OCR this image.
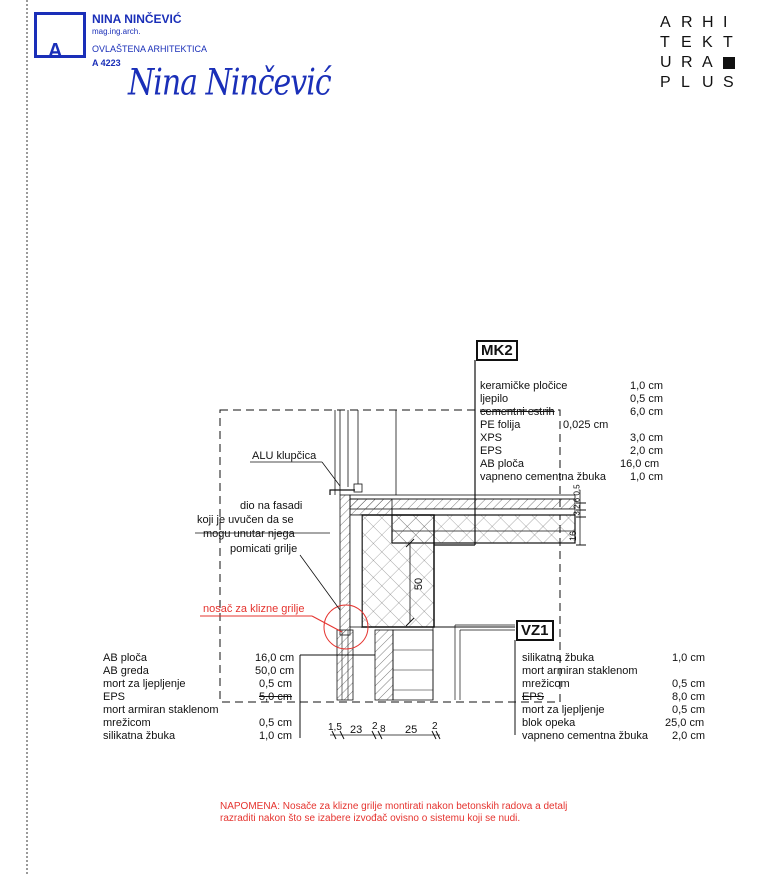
A
NINA NINČEVIĆ
mag.ing.arch.
OVLAŠTENA ARHITEKTICA
A 4223 Nina Ninčević
A R H I
T E K T
U R A
P L U S
MK2
VZ1
ALU klupčica
dio na fasadi
koji je uvučen da se
mogu unutar njega
pomicati grilje
nosač za klizne grilje
50
16
3 2 6 0,5
keramičke pločice	1,0 cm
ljepilo	0,5 cm
cementni estrih	6,0 cm
PE folija	0,025 cm
XPS	3,0 cm
EPS	2,0 cm
AB ploča	16,0 cm
vapneno cementna žbuka 1,0 cm
AB ploča	16,0 cm
AB greda	50,0 cm
mort za ljepljenje	0,5 cm
EPS	5,0 cm
mort armiran staklenom
mrežicom	0,5 cm
silikatna žbuka	1,0 cm
silikatna žbuka	1,0 cm
mort armiran staklenom
mrežicom	0,5 cm
EPS	8,0 cm
mort za ljepljenje	0,5 cm
blok opeka	25,0 cm
vapneno cementna žbuka 2,0 cm
1,5 23 2 8 25 2
NAPOMENA: Nosače za klizne grilje montirati nakon betonskih radova a detalj razraditi nakon što se izabere izvođač ovisno o sistemu koji se nudi.
